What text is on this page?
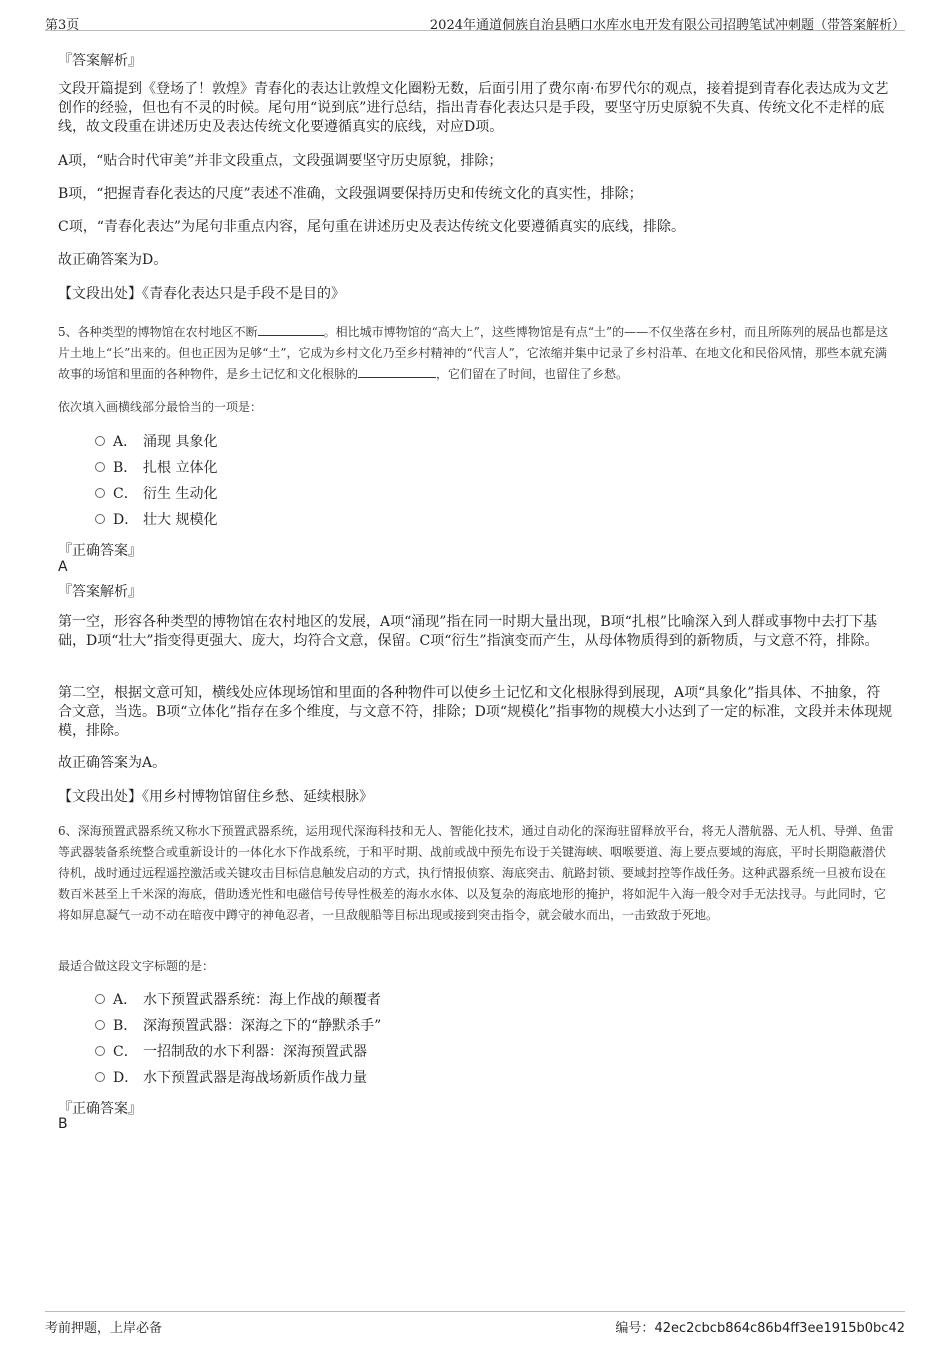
第3页	2024年通道侗族自治县晒口水库水电开发有限公司招聘笔试冲刺题（带答案解析）
『答案解析』
文段开篇提到《登场了！敦煌》青春化的表达让敦煌文化圈粉无数，后面引用了费尔南·布罗代尔的观点，接着提到青春化表达成为文艺创作的经验，但也有不灵的时候。尾句用“说到底”进行总结，指出青春化表达只是手段，要坚守历史原貌不失真、传统文化不走样的底线，故文段重在讲述历史及表达传统文化要遵循真实的底线，对应D项。
A项，“贴合时代审美”并非文段重点，文段强调要坚守历史原貌，排除；
B项，“把握青春化表达的尺度”表述不准确，文段强调要保持历史和传统文化的真实性，排除；
C项，“青春化表达”为尾句非重点内容，尾句重在讲述历史及表达传统文化要遵循真实的底线，排除。
故正确答案为D。
【文段出处】《青春化表达只是手段不是目的》
5、各种类型的博物馆在农村地区不断	。相比城市博物馆的“高大上”，这些博物馆是有点“土”的——不仅坐落在乡村，而且所陈列的展品也都是这片土地上“长”出来的。但也正因为足够“土”，它成为乡村文化乃至乡村精神的“代言人”，它浓缩并集中记录了乡村沿革、在地文化和民俗风情，那些本就充满故事的场馆和里面的各种物件，是乡土记忆和文化根脉的	，它们留在了时间，也留住了乡愁。
依次填入画横线部分最恰当的一项是：
A． 涌现 具象化
B． 扎根 立体化
C． 衍生 生动化
D． 壮大 规模化
『正确答案』
A
『答案解析』
第一空，形容各种类型的博物馆在农村地区的发展，A项“涌现”指在同一时期大量出现，B项“扎根”比喻深入到人群或事物中去打下基础，D项“壮大”指变得更强大、庞大，均符合文意，保留。C项“衍生”指演变而产生，从母体物质得到的新物质，与文意不符，排除。
第二空，根据文意可知，横线处应体现场馆和里面的各种物件可以使乡土记忆和文化根脉得到展现，A项“具象化”指具体、不抽象，符合文意，当选。B项“立体化”指存在多个维度，与文意不符，排除；D项“规模化”指事物的规模大小达到了一定的标准，文段并未体现规模，排除。
故正确答案为A。
【文段出处】《用乡村博物馆留住乡愁、延续根脉》
6、深海预置武器系统又称水下预置武器系统，运用现代深海科技和无人、智能化技术，通过自动化的深海驻留释放平台，将无人潜航器、无人机、导弹、鱼雷等武器装备系统整合或重新设计的一体化水下作战系统，于和平时期、战前或战中预先布设于关键海峡、咽喉要道、海上要点要域的海底，平时长期隐蔽潜伏待机，战时通过远程遥控激活或关键攻击目标信息触发启动的方式，执行情报侦察、海底突击、航路封锁、要域封控等作战任务。这种武器系统一旦被布设在数百米甚至上千米深的海底，借助透光性和电磁信号传导性极差的海水水体、以及复杂的海底地形的掩护，将如泥牛入海一般令对手无法找寻。与此同时，它将如屏息凝气一动不动在暗夜中蹲守的神龟忍者，一旦敌舰船等目标出现或接到突击指令，就会破水而出，一击致敌于死地。
最适合做这段文字标题的是：
A． 水下预置武器系统：海上作战的颠覆者
B． 深海预置武器：深海之下的“静默杀手”
C． 一招制敌的水下利器：深海预置武器
D． 水下预置武器是海战场新质作战力量
『正确答案』
B
考前押题，上岸必备	编号：42ec2cbcb864c86b4ff3ee1915b0bc42
